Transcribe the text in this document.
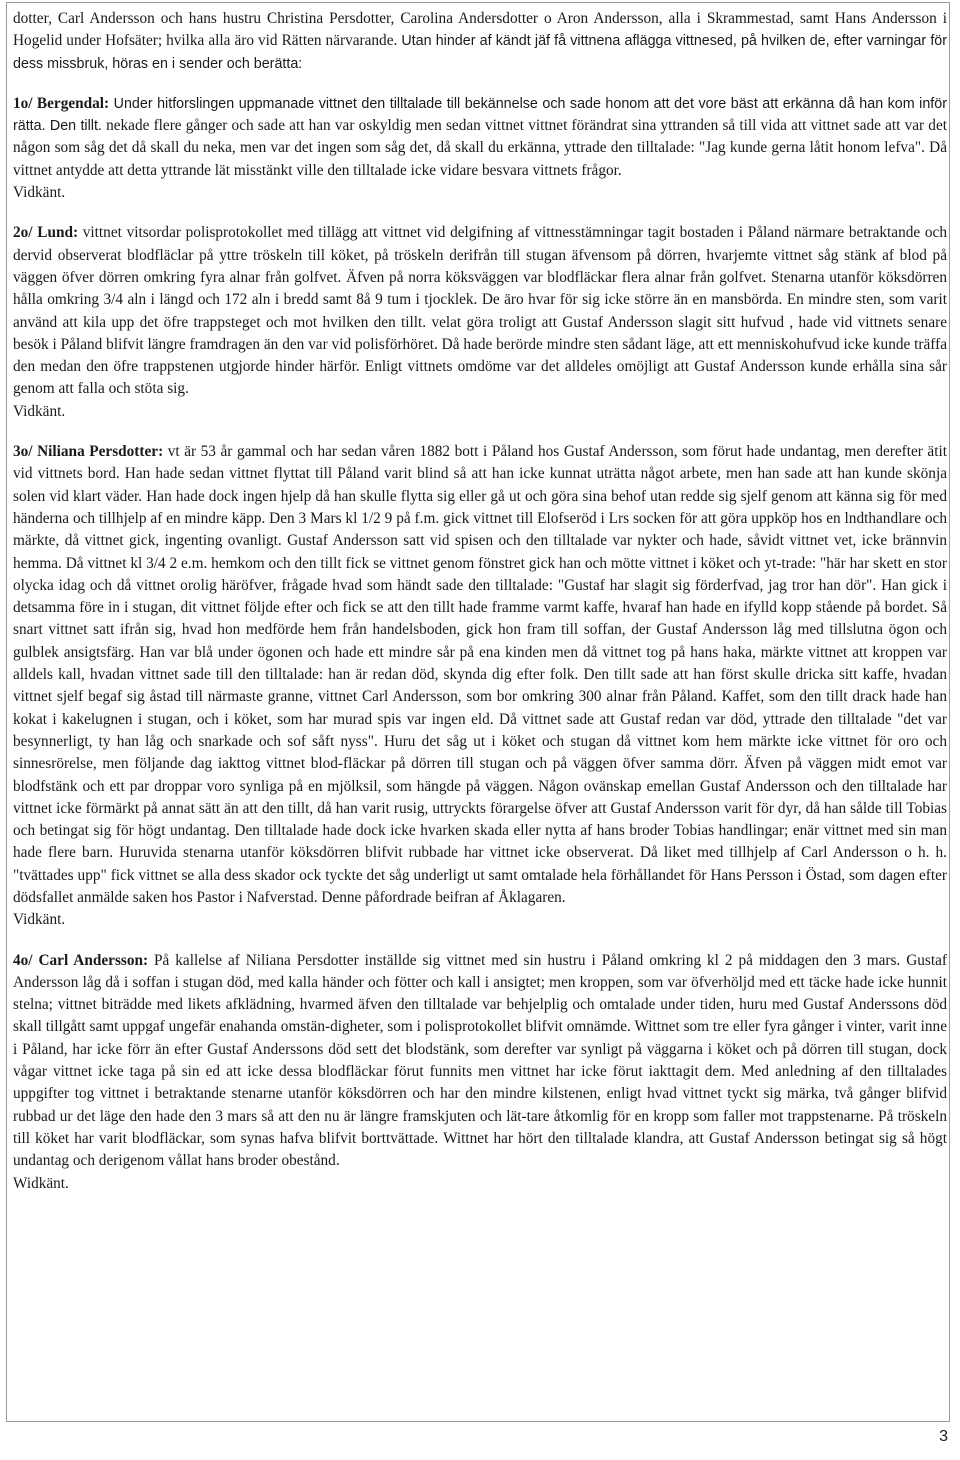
dotter, Carl Andersson och hans hustru Christina Persdotter, Carolina Andersdotter o Aron Andersson, alla i Skrammestad, samt Hans Andersson i Hogelid under Hofsäter; hvilka alla äro vid Rätten närvarande. Utan hinder af kändt jäf få vittnena aflägga vittnesed, på hvilken de, efter varningar för dess missbruk, höras en i sender och berätta:

1o/ Bergendal: Under hitforslingen uppmanade vittnet den tilltalade till bekännelse och sade honom att det vore bäst att erkänna då han kom inför rätta. Den tillt. nekade flere gånger och sade att han var oskyldig men sedan vittnet vittnet förändrat sina yttranden så till vida att vittnet sade att var det någon som såg det då skall du neka, men var det ingen som såg det, då skall du erkänna, yttrade den tilltalade: "Jag kunde gerna låtit honom lefva". Då vittnet antydde att detta yttrande lät misstänkt ville den tilltalade icke vidare besvara vittnets frågor.

Vidkänt.

2o/ Lund: vittnet vitsordar polisprotokollet med tillägg att vittnet vid delgifning af vittnesstämningar tagit bostaden i Påland närmare betraktande och dervid observerat blodfläclar på yttre tröskeln till köket, på tröskeln derifrån till stugan äfvensom på dörren, hvarjemte vittnet såg stänk af blod på väggen öfver dörren omkring fyra alnar från golfvet. Äfven på norra köksväggen var blodfläckar flera alnar från golfvet. Stenarna utanför köksdörren hålla omkring 3/4 aln i längd och 172 aln i bredd samt 8å 9 tum i tjocklek. De äro hvar för sig icke större än en mansbörda. En mindre sten, som varit använd att kila upp det öfre trappsteget och mot hvilken den tillt. velat göra troligt att Gustaf Andersson slagit sitt hufvud , hade vid vittnets senare besök i Påland blifvit längre framdragen än den var vid polisförhöret. Då hade berörde mindre sten sådant läge, att ett menniskohufvud icke kunde träffa den medan den öfre trappstenen utgjorde hinder härför. Enligt vittnets omdöme var det alldeles omöjligt att Gustaf Andersson kunde erhålla sina sår genom att falla och stöta sig.

Vidkänt.

3o/ Niliana Persdotter: vt är 53 år gammal och har sedan våren 1882 bott i Påland hos Gustaf Andersson, som förut hade undantag, men derefter ätit vid vittnets bord. Han hade sedan vittnet flyttat till Påland varit blind så att han icke kunnat uträtta något arbete, men han sade att han kunde skönja solen vid klart väder. Han hade dock ingen hjelp då han skulle flytta sig eller gå ut och göra sina behof utan redde sig sjelf genom att känna sig för med händerna och tillhjelp af en mindre käpp. Den 3 Mars kl 1/2 9 på f.m. gick vittnet till Elofseröd i Lrs socken för att göra uppköp hos en lndthandlare och märkte, då vittnet gick, ingenting ovanligt. Gustaf Andersson satt vid spisen och den tilltalade var nykter och hade, såvidt vittnet vet, icke brännvin hemma. Då vittnet kl 3/4 2 e.m. hemkom och den tillt fick se vittnet genom fönstret gick han och mötte vittnet i köket och yt-trade: "här har skett en stor olycka idag och då vittnet orolig häröfver, frågade hvad som händt sade den tilltalade: "Gustaf har slagit sig förderfvad, jag tror han dör". Han gick i detsamma före in i stugan, dit vittnet följde efter och fick se att den tillt hade framme varmt kaffe, hvaraf han hade en ifylld kopp stående på bordet. Så snart vittnet satt ifrån sig, hvad hon medförde hem från handelsboden, gick hon fram till soffan, der Gustaf Andersson låg med tillslutna ögon och gulblek ansigtsfärg. Han var blå under ögonen och hade ett mindre sår på ena kinden men då vittnet tog på hans haka, märkte vittnet att kroppen var alldels kall, hvadan vittnet sade till den tilltalade: han är redan död, skynda dig efter folk. Den tillt sade att han först skulle dricka sitt kaffe, hvadan vittnet sjelf begaf sig åstad till närmaste granne, vittnet Carl Andersson, som bor omkring 300 alnar från Påland. Kaffet, som den tillt drack hade han kokat i kakelugnen i stugan, och i köket, som har murad spis var ingen eld. Då vittnet sade att Gustaf redan var död, yttrade den tilltalade "det var besynnerligt, ty han låg och snarkade och sof såft nyss". Huru det såg ut i köket och stugan då vittnet kom hem märkte icke vittnet för oro och sinnesrörelse, men följande dag iakttog vittnet blod-fläckar på dörren till stugan och på väggen öfver samma dörr. Äfven på väggen midt emot var blodfstänk och ett par droppar voro synliga på en mjölksil, som hängde på väggen. Någon ovänskap emellan Gustaf Andersson och den tilltalade har vittnet icke förmärkt på annat sätt än att den tillt, då han varit rusig, uttryckts förargelse öfver att Gustaf Andersson varit för dyr, då han sålde till Tobias och betingat sig för högt undantag. Den tilltalade hade dock icke hvarken skada eller nytta af hans broder Tobias handlingar; enär vittnet med sin man hade flere barn. Huruvida stenarna utanför köksdörren blifvit rubbade har vittnet icke observerat. Då liket med tillhjelp af Carl Andersson o h. h. "tvättades upp" fick vittnet se alla dess skador ock tyckte det såg underligt ut samt omtalade hela förhållandet för Hans Persson i Östad, som dagen efter dödsfallet anmälde saken hos Pastor i Nafverstad. Denne påfordrade beifran af Åklagaren.

Vidkänt.

4o/ Carl Andersson: På kallelse af Niliana Persdotter inställde sig vittnet med sin hustru i Påland omkring kl 2 på middagen den 3 mars. Gustaf Andersson låg då i soffan i stugan död, med kalla händer och fötter och kall i ansigtet; men kroppen, som var öfverhöljd med ett täcke hade icke hunnit stelna; vittnet biträdde med likets afklädning, hvarmed äfven den tilltalade var behjelplig och omtalade under tiden, huru med Gustaf Anderssons död skall tillgått samt uppgaf ungefär enahanda omstän-digheter, som i polisprotokollet blifvit omnämde. Wittnet som tre eller fyra gånger i vinter, varit inne i Påland, har icke förr än efter Gustaf Anderssons död sett det blodstänk, som derefter var synligt på väggarna i köket och på dörren till stugan, dock vågar vittnet icke taga på sin ed att icke dessa blodfläckar förut funnits men vittnet har icke förut iakttagit dem. Med anledning af den tilltalades uppgifter tog vittnet i betraktande stenarne utanför köksdörren och har den mindre kilstenen, enligt hvad vittnet tyckt sig märka, två gånger blifvid rubbad ur det läge den hade den 3 mars så att den nu är längre framskjuten och lät-tare åtkomlig för en kropp som faller mot trappstenarne. På tröskeln till köket har varit blodfläckar, som synas hafva blifvit borttvättade. Wittnet har hört den tilltalade klandra, att Gustaf Andersson betingat sig så högt undantag och derigenom vållat hans broder obestånd.

Widkänt.
3
